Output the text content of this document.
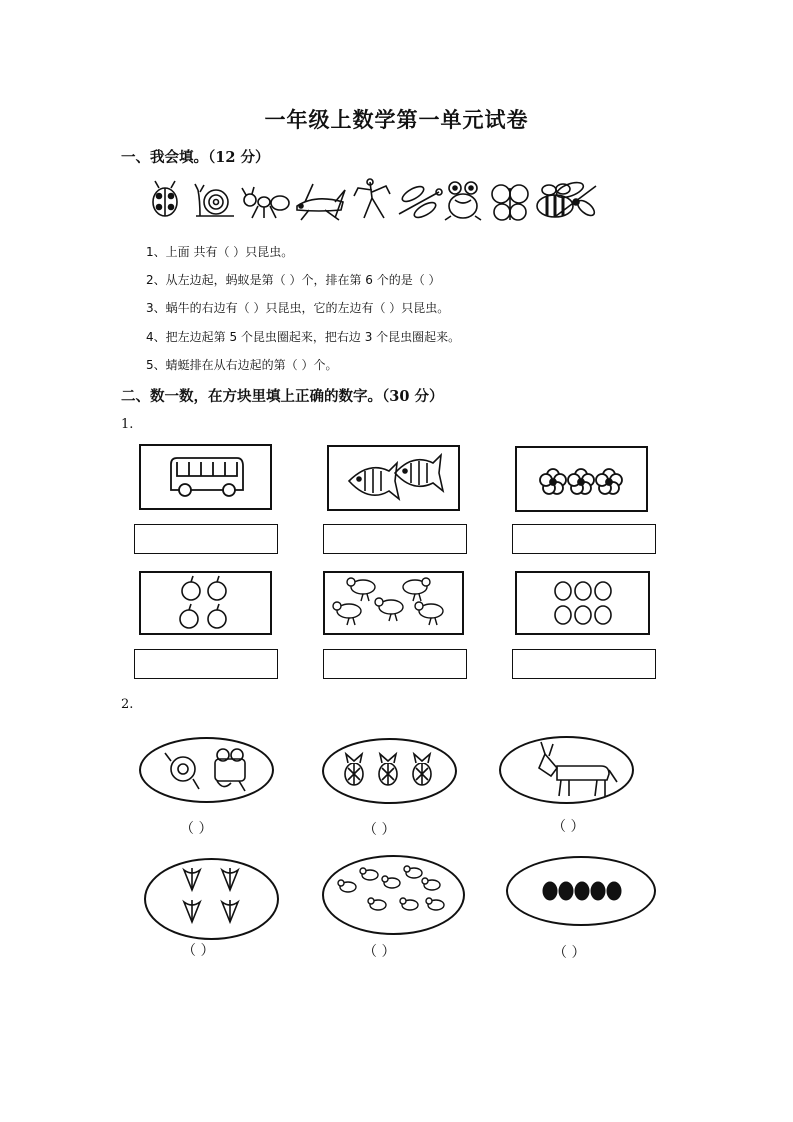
一年级上数学第一单元试卷
一、我会填。（12 分）
1、上面 共有（ ）只昆虫。
2、从左边起，蚂蚁是第（ ）个，排在第 6 个的是（ ）
3、蜗牛的右边有（ ）只昆虫，它的左边有（ ）只昆虫。
4、把左边起第 5 个昆虫圈起来，把右边 3 个昆虫圈起来。
5、蜻蜓排在从右边起的第（ ）个。
二、数一数，在方块里填上正确的数字。（30 分）
1.
2.
（ ）	（ ）	（ ）
（ ）	（ ）	（ ）
